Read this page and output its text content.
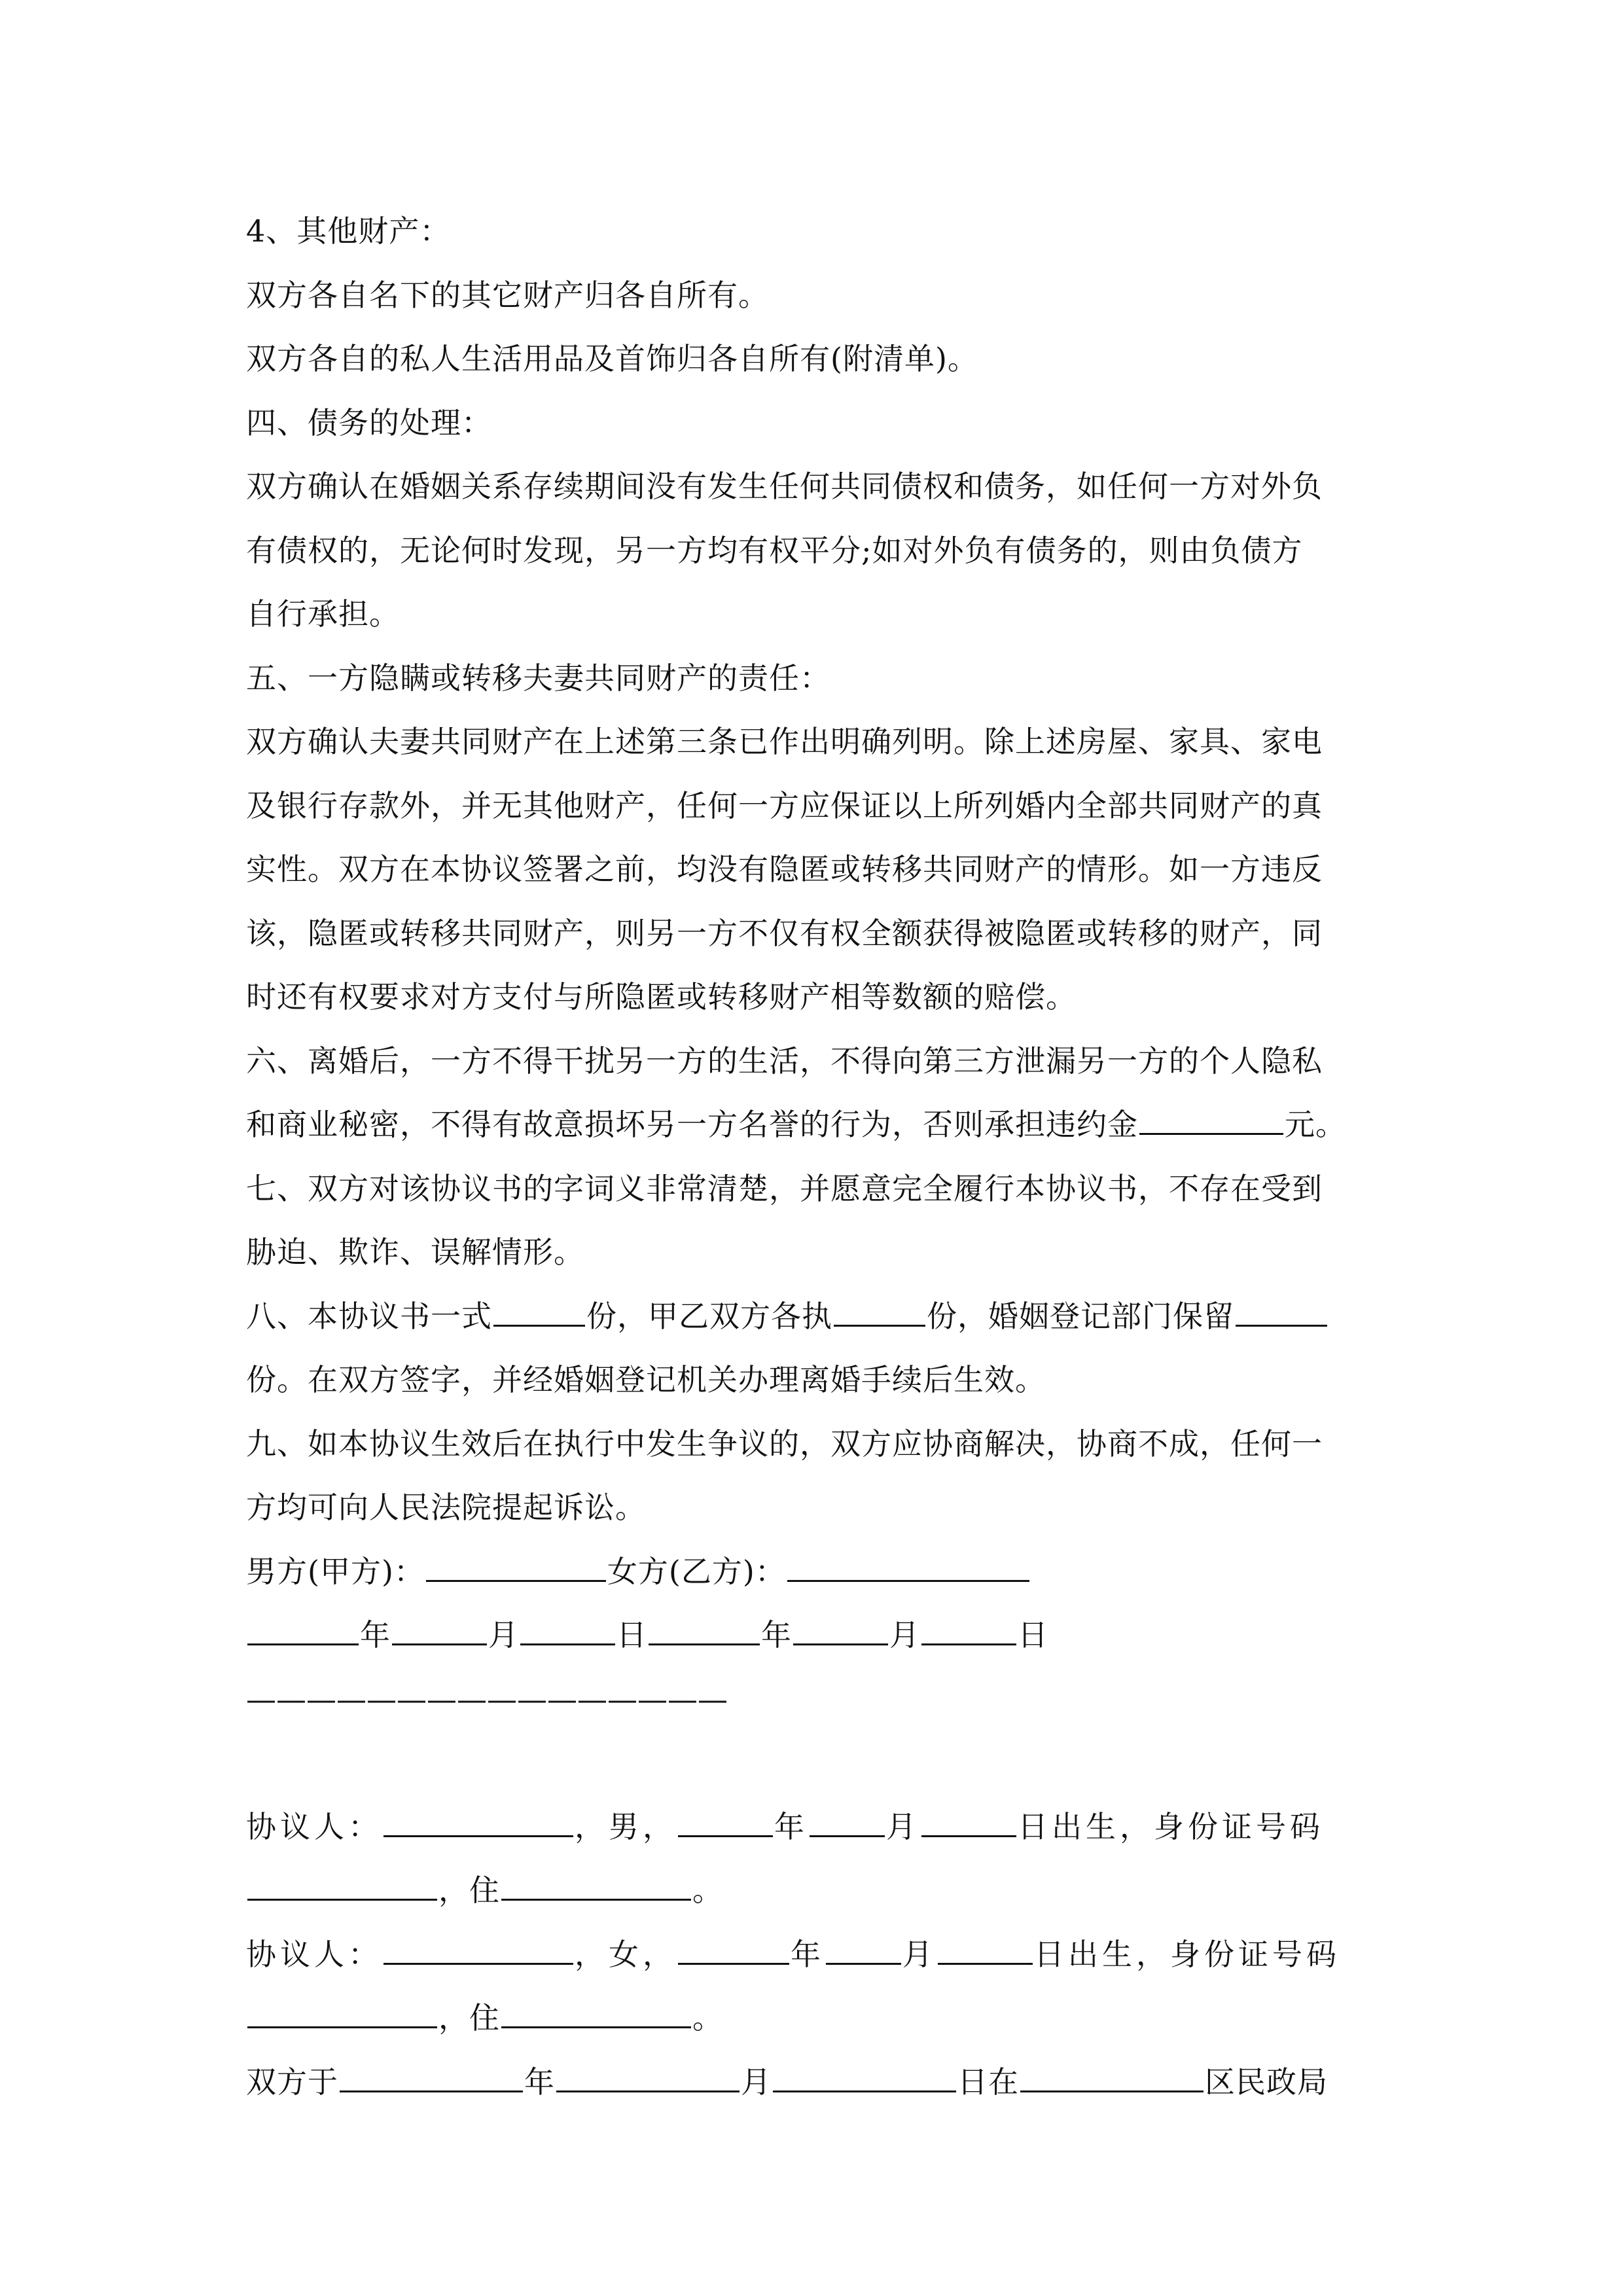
4、其他财产：
双方各自名下的其它财产归各自所有。
双方各自的私人生活用品及首饰归各自所有(附清单)。
四、债务的处理：
双方确认在婚姻关系存续期间没有发生任何共同债权和债务，如任何一方对外负
有债权的，无论何时发现，另一方均有权平分;如对外负有债务的，则由负债方
自行承担。
五、一方隐瞒或转移夫妻共同财产的责任：
双方确认夫妻共同财产在上述第三条已作出明确列明。除上述房屋、家具、家电
及银行存款外，并无其他财产，任何一方应保证以上所列婚内全部共同财产的真
实性。双方在本协议签署之前，均没有隐匿或转移共同财产的情形。如一方违反
该，隐匿或转移共同财产，则另一方不仅有权全额获得被隐匿或转移的财产，同
时还有权要求对方支付与所隐匿或转移财产相等数额的赔偿。
六、离婚后，一方不得干扰另一方的生活，不得向第三方泄漏另一方的个人隐私
和商业秘密，不得有故意损坏另一方名誉的行为，否则承担违约金	元。
七、双方对该协议书的字词义非常清楚，并愿意完全履行本协议书，不存在受到
胁迫、欺诈、误解情形。
八、本协议书一式	份，甲乙双方各执	份，婚姻登记部门保留
份。在双方签字，并经婚姻登记机关办理离婚手续后生效。
九、如本协议生效后在执行中发生争议的，双方应协商解决，协商不成，任何一
方均可向人民法院提起诉讼。
男方(甲方)：	女方(乙方)：
年	月	日	年	月	日
————————————————
协议人：	，男，	年	月	日出生，身份证号码
，住	。
协议人：	，女，	年	月	日出生，身份证号码
，住	。
双方于	年	月	日在	区民政局
